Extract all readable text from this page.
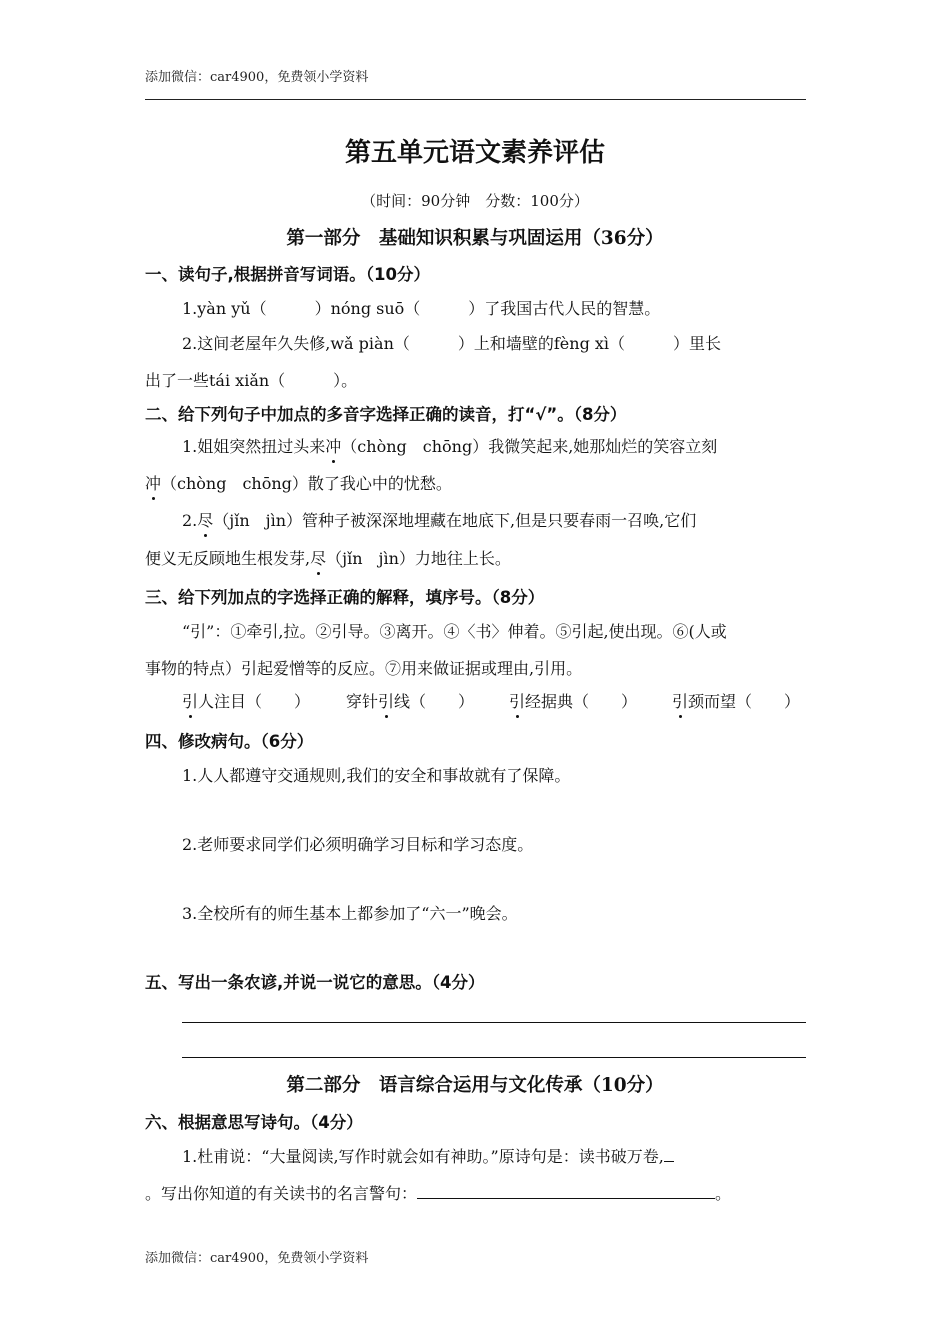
添加微信：car4900，免费领小学资料
第五单元语文素养评估
（时间：90分钟　分数：100分）
第一部分　基础知识积累与巩固运用（36分）
一、读句子,根据拼音写词语。（10分）
1.yàn yǔ（　　　）nóng suō（　　　）了我国古代人民的智慧。
2.这间老屋年久失修,wǎ piàn（　　　）上和墙壁的fèng xì（　　　）里长
出了一些tái xiǎn（　　　）。
二、给下列句子中加点的多音字选择正确的读音，打“√”。（8分）
1.姐姐突然扭过头来冲（chòng　chōng）我微笑起来,她那灿烂的笑容立刻
冲（chòng　chōng）散了我心中的忧愁。
2.尽（jǐn　jìn）管种子被深深地埋藏在地底下,但是只要春雨一召唤,它们
便义无反顾地生根发芽,尽（jǐn　jìn）力地往上长。
三、给下列加点的字选择正确的解释，填序号。（8分）
“引”：①牵引,拉。②引导。③离开。④〈书〉伸着。⑤引起,使出现。⑥(人或
事物的特点）引起爱憎等的反应。⑦用来做证据或理由,引用。
引人注目（　　） 穿针引线（　　） 引经据典（　　） 引颈而望（　　）
四、修改病句。（6分）
1.人人都遵守交通规则,我们的安全和事故就有了保障。
2.老师要求同学们必须明确学习目标和学习态度。
3.全校所有的师生基本上都参加了“六一”晚会。
五、写出一条农谚,并说一说它的意思。（4分）
第二部分　语言综合运用与文化传承（10分）
六、根据意思写诗句。（4分）
1.杜甫说：“大量阅读,写作时就会如有神助。”原诗句是：读书破万卷,
。写出你知道的有关读书的名言警句：	。
添加微信：car4900，免费领小学资料
